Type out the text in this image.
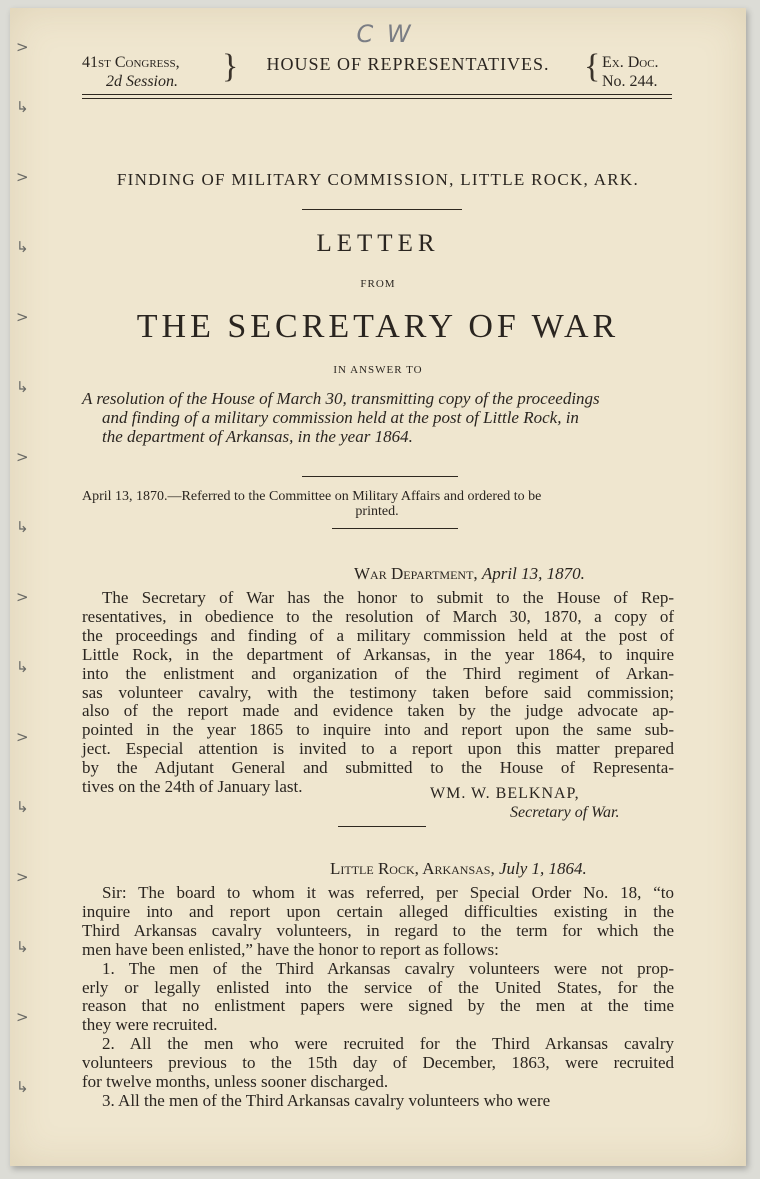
>
↳
>
↳
>
↳
>
↳
>
↳
>
↳
>
↳
>
↳
C W
41st Congress,
2d Session.	}	HOUSE OF REPRESENTATIVES.	{ Ex. Doc.
No. 244.
FINDING OF MILITARY COMMISSION, LITTLE ROCK, ARK.
LETTER
FROM
THE SECRETARY OF WAR
IN ANSWER TO
A resolution of the House of March 30, transmitting copy of the proceedings
and finding of a military commission held at the post of Little Rock, in
the department of Arkansas, in the year 1864.
April 13, 1870.—Referred to the Committee on Military Affairs and ordered to be
printed.
War Department, April 13, 1870.

The Secretary of War has the honor to submit to the House of Rep-

resentatives, in obedience to the resolution of March 30, 1870, a copy of

the proceedings and finding of a military commission held at the post of

Little Rock, in the department of Arkansas, in the year 1864, to inquire

into the enlistment and organization of the Third regiment of Arkan-

sas volunteer cavalry, with the testimony taken before said commission;

also of the report made and evidence taken by the judge advocate ap-

pointed in the year 1865 to inquire into and report upon the same sub-

ject. Especial attention is invited to a report upon this matter prepared

by the Adjutant General and submitted to the House of Representa-

tives on the 24th of January last.	WM. W. BELKNAP,
Secretary of War.
Little Rock, Arkansas, July 1, 1864.

Sir: The board to whom it was referred, per Special Order No. 18, “to

inquire into and report upon certain alleged difficulties existing in the

Third Arkansas cavalry volunteers, in regard to the term for which the

men have been enlisted,” have the honor to report as follows:

1. The men of the Third Arkansas cavalry volunteers were not prop-

erly or legally enlisted into the service of the United States, for the

reason that no enlistment papers were signed by the men at the time

they were recruited.

2. All the men who were recruited for the Third Arkansas cavalry

volunteers previous to the 15th day of December, 1863, were recruited

for twelve months, unless sooner discharged.

3. All the men of the Third Arkansas cavalry volunteers who were
